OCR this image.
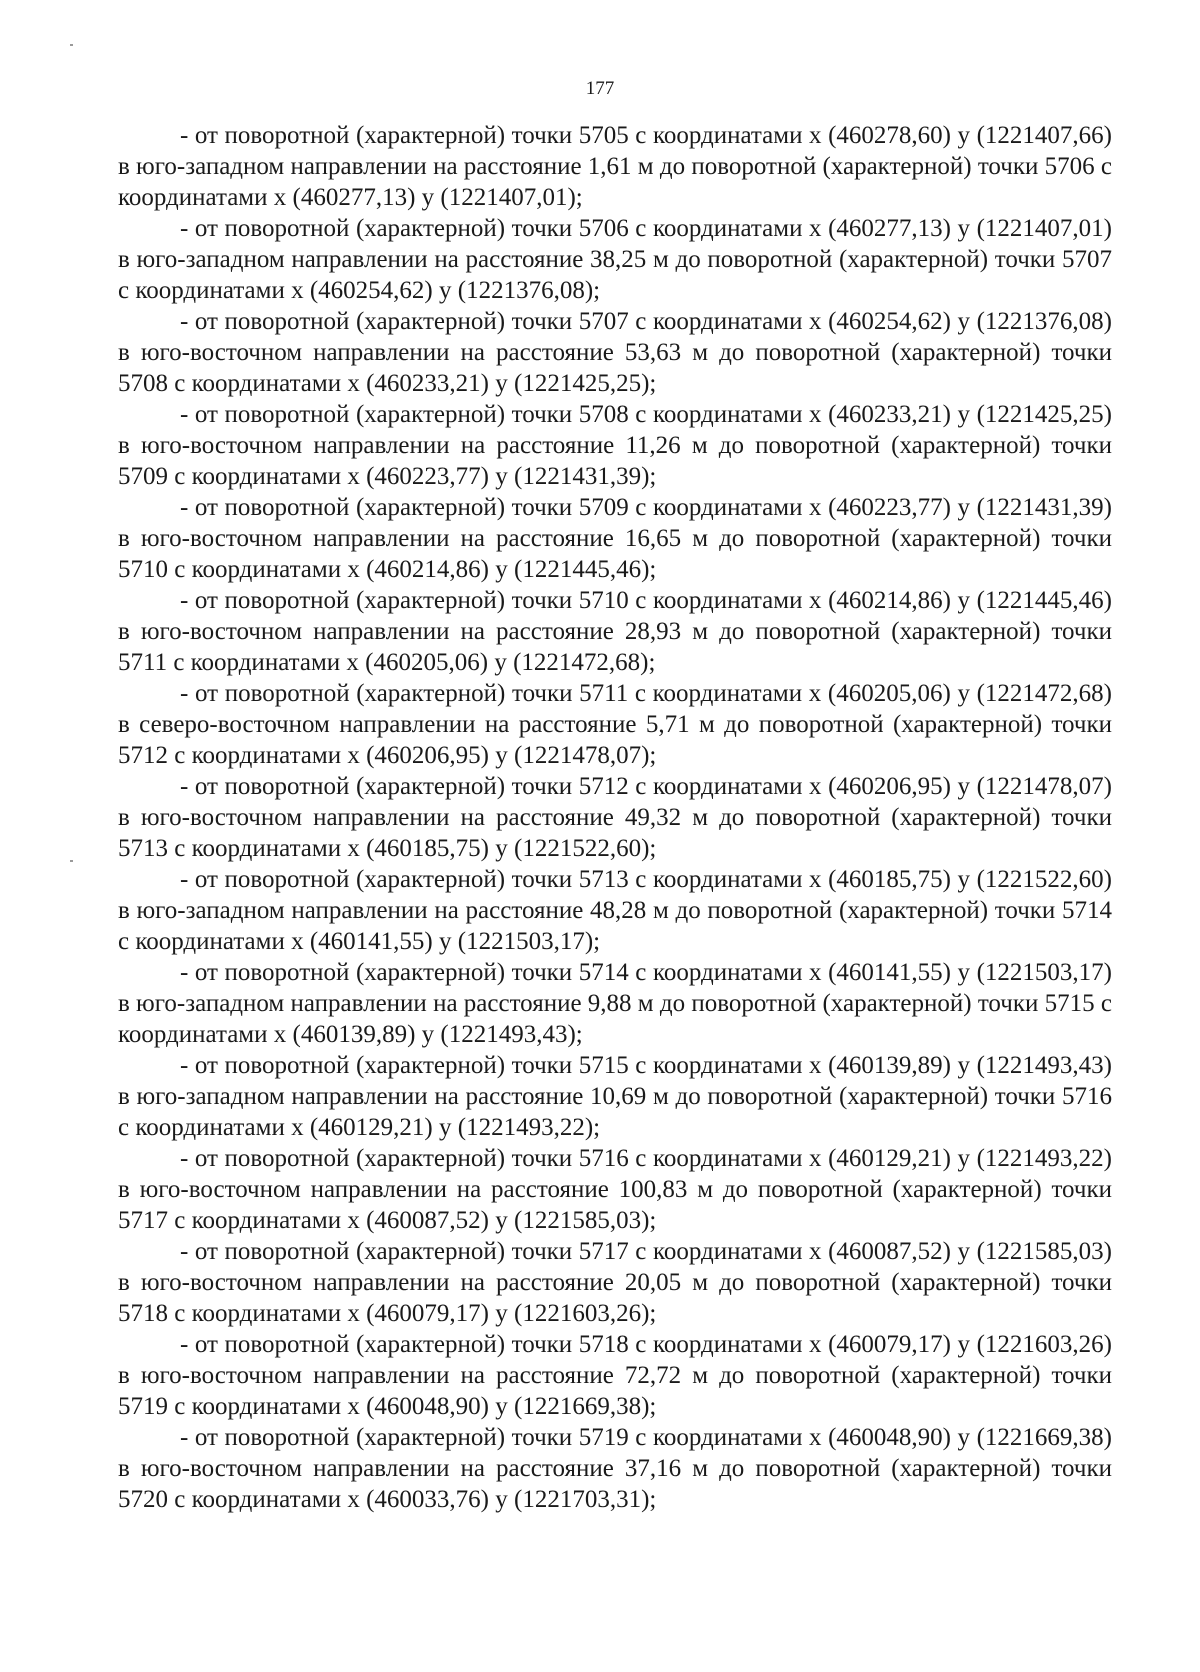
177

- от поворотной (характерной) точки 5705 с координатами x (460278,60) y (1221407,66) в юго-западном направлении на расстояние 1,61 м до поворотной (характерной) точки 5706 с координатами x (460277,13) y (1221407,01);

- от поворотной (характерной) точки 5706 с координатами x (460277,13) y (1221407,01) в юго-западном направлении на расстояние 38,25 м до поворотной (характерной) точки 5707 с координатами x (460254,62) y (1221376,08);

- от поворотной (характерной) точки 5707 с координатами x (460254,62) y (1221376,08) в юго-восточном направлении на расстояние 53,63 м до поворотной (характерной) точки 5708 с координатами x (460233,21) y (1221425,25);

- от поворотной (характерной) точки 5708 с координатами x (460233,21) y (1221425,25) в юго-восточном направлении на расстояние 11,26 м до поворотной (характерной) точки 5709 с координатами x (460223,77) y (1221431,39);

- от поворотной (характерной) точки 5709 с координатами x (460223,77) y (1221431,39) в юго-восточном направлении на расстояние 16,65 м до поворотной (характерной) точки 5710 с координатами x (460214,86) y (1221445,46);

- от поворотной (характерной) точки 5710 с координатами x (460214,86) y (1221445,46) в юго-восточном направлении на расстояние 28,93 м до поворотной (характерной) точки 5711 с координатами x (460205,06) y (1221472,68);

- от поворотной (характерной) точки 5711 с координатами x (460205,06) y (1221472,68) в северо-восточном направлении на расстояние 5,71 м до поворотной (характерной) точки 5712 с координатами x (460206,95) y (1221478,07);

- от поворотной (характерной) точки 5712 с координатами x (460206,95) y (1221478,07) в юго-восточном направлении на расстояние 49,32 м до поворотной (характерной) точки 5713 с координатами x (460185,75) y (1221522,60);

- от поворотной (характерной) точки 5713 с координатами x (460185,75) y (1221522,60) в юго-западном направлении на расстояние 48,28 м до поворотной (характерной) точки 5714 с координатами x (460141,55) y (1221503,17);

- от поворотной (характерной) точки 5714 с координатами x (460141,55) y (1221503,17) в юго-западном направлении на расстояние 9,88 м до поворотной (характерной) точки 5715 с координатами x (460139,89) y (1221493,43);

- от поворотной (характерной) точки 5715 с координатами x (460139,89) y (1221493,43) в юго-западном направлении на расстояние 10,69 м до поворотной (характерной) точки 5716 с координатами x (460129,21) y (1221493,22);

- от поворотной (характерной) точки 5716 с координатами x (460129,21) y (1221493,22) в юго-восточном направлении на расстояние 100,83 м до поворотной (характерной) точки 5717 с координатами x (460087,52) y (1221585,03);

- от поворотной (характерной) точки 5717 с координатами x (460087,52) y (1221585,03) в юго-восточном направлении на расстояние 20,05 м до поворотной (характерной) точки 5718 с координатами x (460079,17) y (1221603,26);

- от поворотной (характерной) точки 5718 с координатами x (460079,17) y (1221603,26) в юго-восточном направлении на расстояние 72,72 м до поворотной (характерной) точки 5719 с координатами x (460048,90) y (1221669,38);

- от поворотной (характерной) точки 5719 с координатами x (460048,90) y (1221669,38) в юго-восточном направлении на расстояние 37,16 м до поворотной (характерной) точки 5720 с координатами x (460033,76) y (1221703,31);
